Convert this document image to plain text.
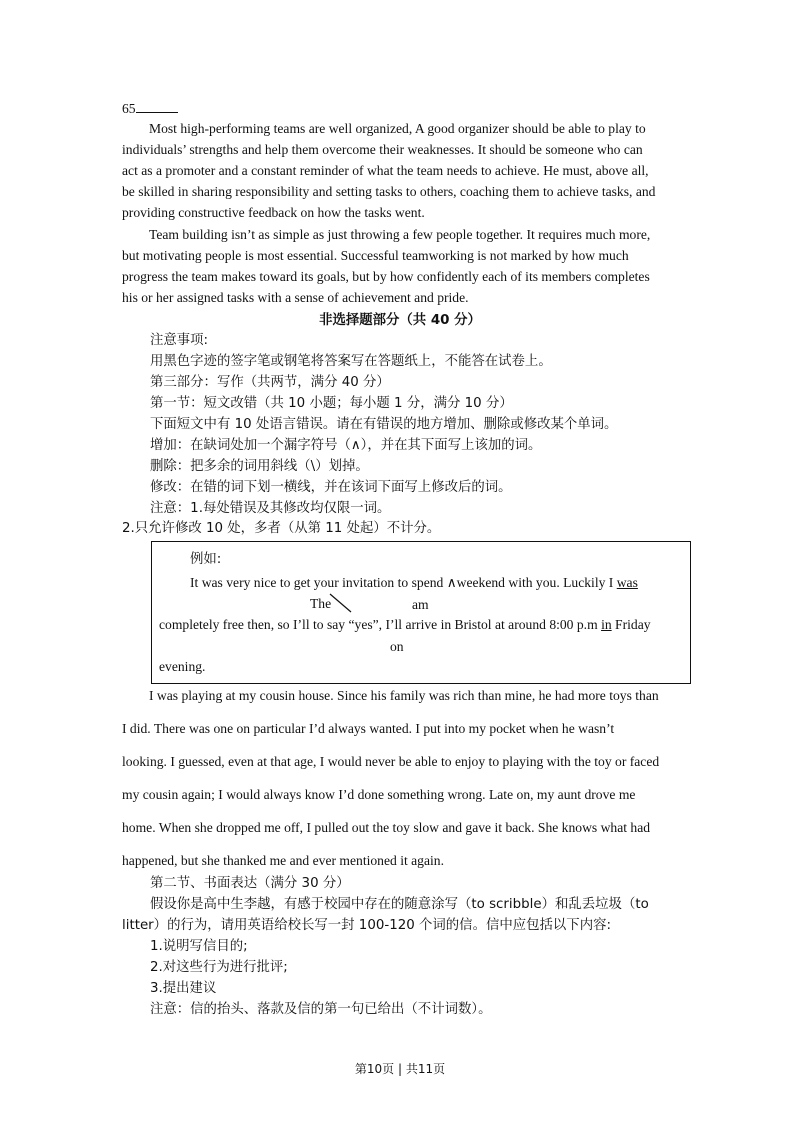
65
Most high-performing teams are well organized, A good organizer should be able to play to
individuals’ strengths and help them overcome their weaknesses. It should be someone who can
act as a promoter and a constant reminder of what the team needs to achieve. He must, above all,
be skilled in sharing responsibility and setting tasks to others, coaching them to achieve tasks, and
providing constructive feedback on how the tasks went.
Team building isn’t as simple as just throwing a few people together. It requires much more,
but motivating people is most essential. Successful teamworking is not marked by how much
progress the team makes toward its goals, but by how confidently each of its members completes
his or her assigned tasks with a sense of achievement and pride.
非选择题部分（共 40 分）
注意事项:
用黑色字迹的签字笔或钢笔将答案写在答题纸上，不能答在试卷上。
第三部分：写作（共两节，满分 40 分）
第一节：短文改错（共 10 小题；每小题 1 分，满分 10 分）
下面短文中有 10 处语言错误。请在有错误的地方增加、删除或修改某个单词。
增加：在缺词处加一个漏字符号（∧），并在其下面写上该加的词。
删除：把多余的词用斜线（\）划掉。
修改：在错的词下划一横线，并在该词下面写上修改后的词。
注意：1.每处错误及其修改均仅限一词。
2.只允许修改 10 处，多者（从第 11 处起）不计分。
例如:
It was very nice to get your invitation to spend ∧weekend with you. Luckily I was
The	am
completely free then, so I’ll to say “yes”, I’ll arrive in Bristol at around 8:00 p.m in Friday
on
evening.
I was playing at my cousin house. Since his family was rich than mine, he had more toys than
I did. There was one on particular I’d always wanted. I put into my pocket when he wasn’t
looking. I guessed, even at that age, I would never be able to enjoy to playing with the toy or faced
my cousin again; I would always know I’d done something wrong. Late on, my aunt drove me
home. When she dropped me off, I pulled out the toy slow and gave it back. She knows what had
happened, but she thanked me and ever mentioned it again.
第二节、书面表达（满分 30 分）
假设你是高中生李越，有感于校园中存在的随意涂写（to scribble）和乱丢垃圾（to
litter）的行为，请用英语给校长写一封 100-120 个词的信。信中应包括以下内容:
1.说明写信目的;
2.对这些行为进行批评;
3.提出建议
注意：信的抬头、落款及信的第一句已给出（不计词数）。
第10页 | 共11页
